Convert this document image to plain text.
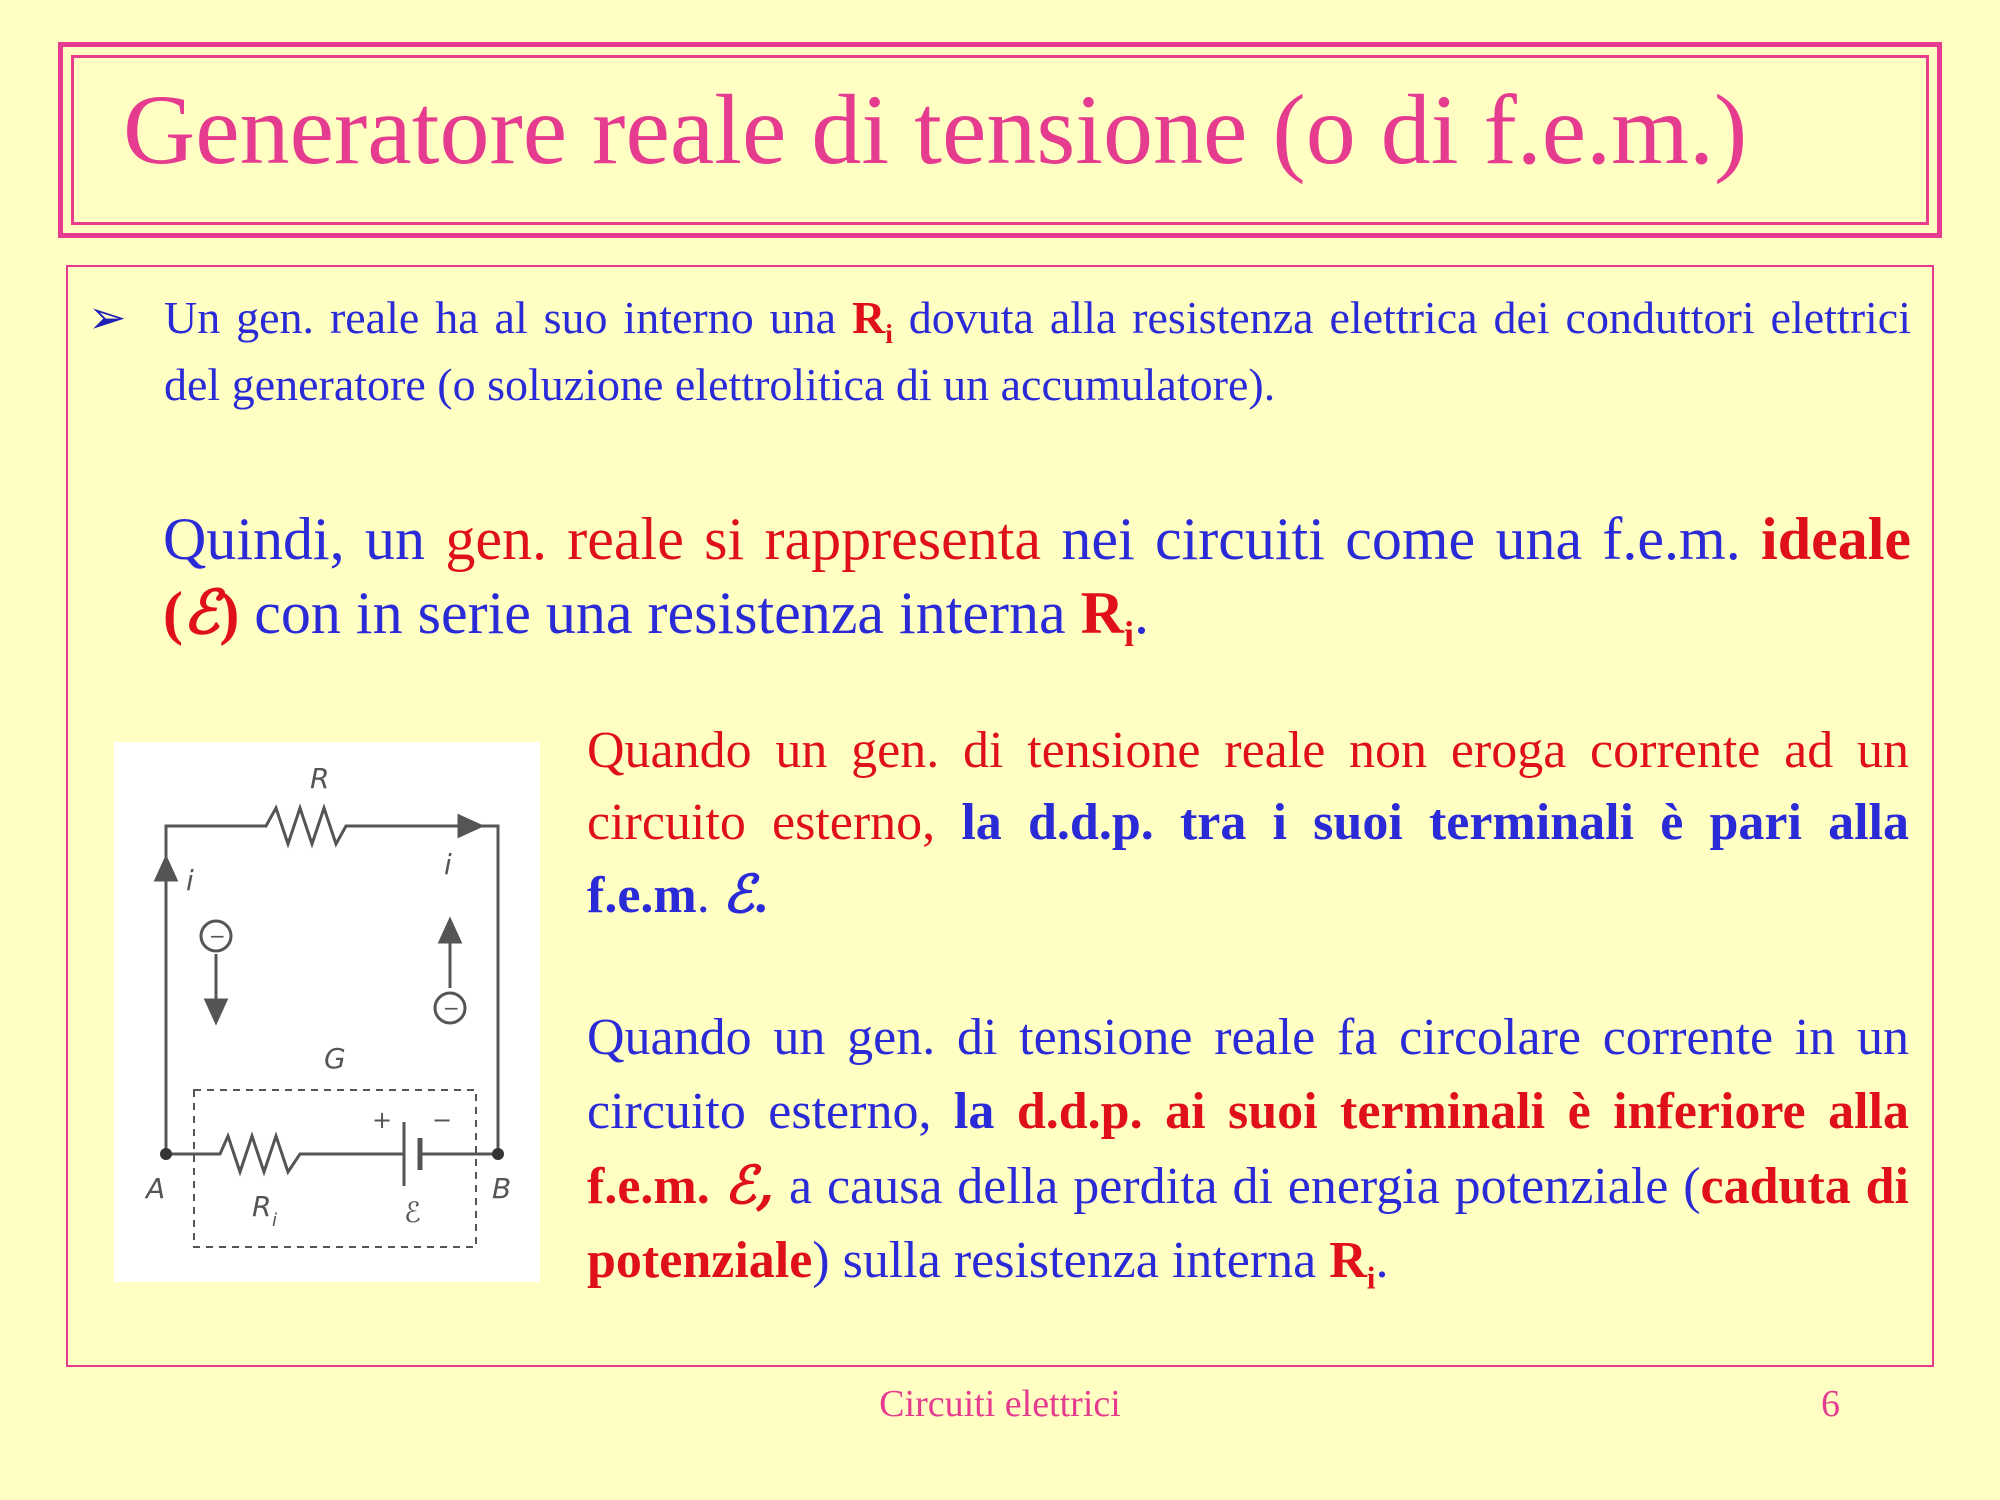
Generatore reale di tensione (o di f.e.m.)
➢ Un gen. reale ha al suo interno una $R_i$ dovuta alla resistenza elettrica dei conduttori elettrici del generatore (o soluzione elettrolitica di un accumulatore).
Quindi, un gen. reale si rappresenta nei circuiti come una f.e.m. ideale (ℰ) con in serie una resistenza interna $R_i$.
R
i
i
G
A	B
R i	ℰ
+ −
−
−
Quando un gen. di tensione reale non eroga corrente ad un circuito esterno, la d.d.p. tra i suoi terminali è pari alla f.e.m. ℰ.
Quando un gen. di tensione reale fa circolare corrente in un circuito esterno, la d.d.p. ai suoi terminali è inferiore alla f.e.m. ℰ, a causa della perdita di energia potenziale (caduta di potenziale) sulla resistenza interna $R_i$.
Circuiti elettrici	6
